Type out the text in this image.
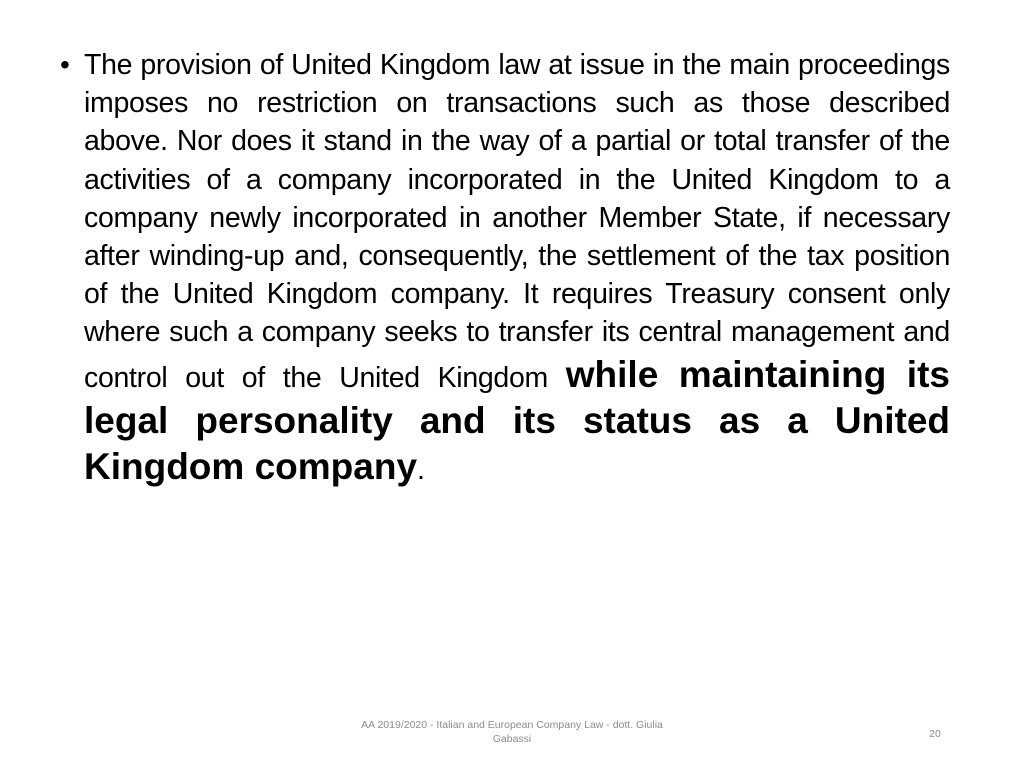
• The provision of United Kingdom law at issue in the main proceedings imposes no restriction on transactions such as those described above. Nor does it stand in the way of a partial or total transfer of the activities of a company incorporated in the United Kingdom to a company newly incorporated in another Member State, if necessary after winding-up and, consequently, the settlement of the tax position of the United Kingdom company. It requires Treasury consent only where such a company seeks to transfer its central management and control out of the United Kingdom while maintaining its legal personality and its status as a United Kingdom company.
AA 2019/2020 - Italian and European Company Law - dott. Giulia Gabassi	20
